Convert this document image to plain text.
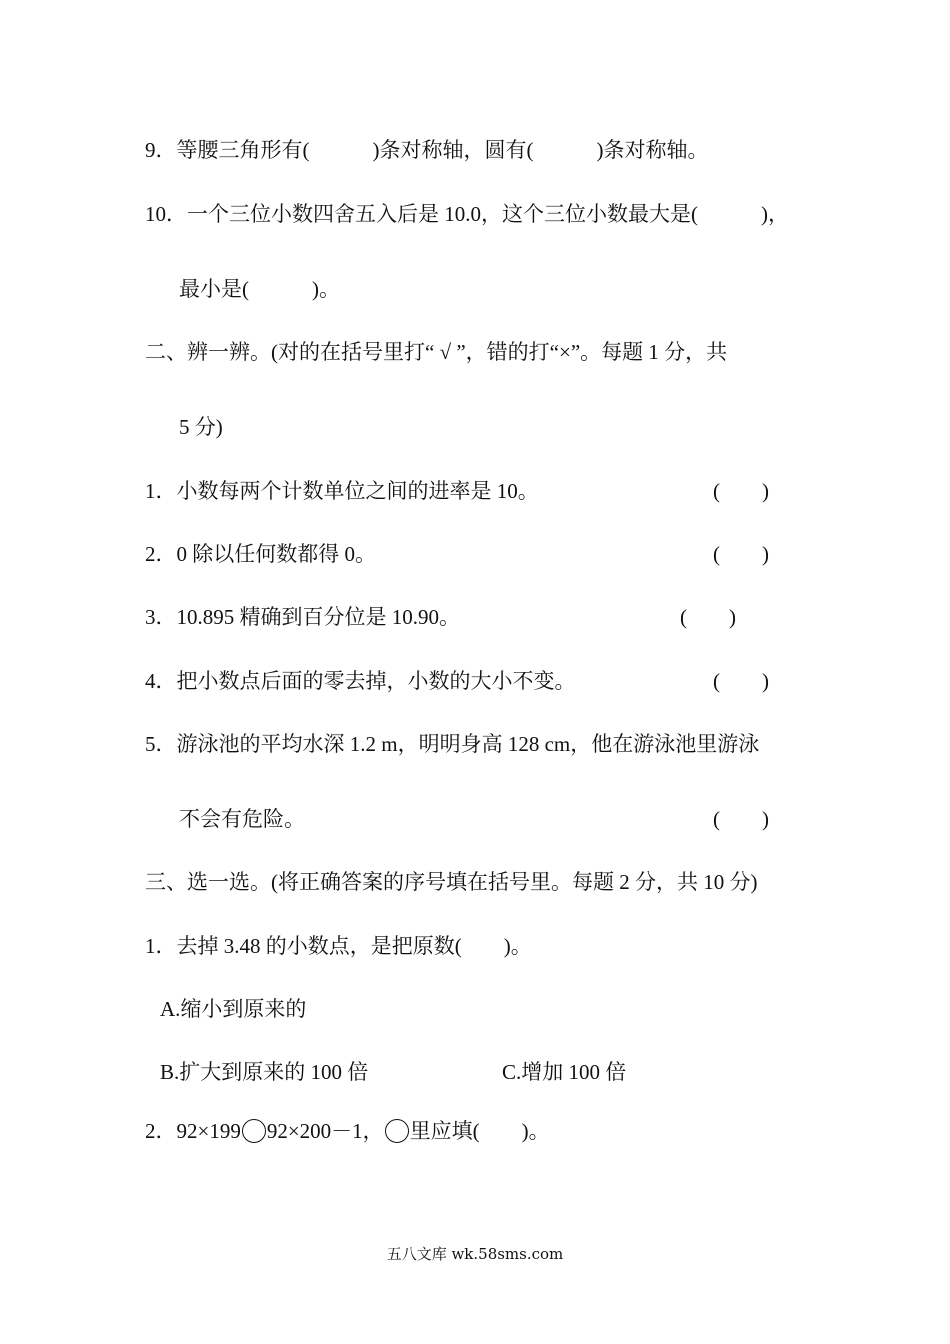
9．等腰三角形有(　　　)条对称轴，圆有(　　　)条对称轴。
10．一个三位小数四舍五入后是 10.0，这个三位小数最大是(　　　)，
最小是(　　　)。
二、辨一辨。(对的在括号里打“ √ ”，错的打“×”。每题 1 分，共
5 分)
1．小数每两个计数单位之间的进率是 10。	(　　)
2．0 除以任何数都得 0。	(　　)
3．10.895 精确到百分位是 10.90。	(　　)
4．把小数点后面的零去掉，小数的大小不变。	(　　)
5．游泳池的平均水深 1.2 m，明明身高 128 cm，他在游泳池里游泳
不会有危险。	(　　)
三、选一选。(将正确答案的序号填在括号里。每题 2 分，共 10 分)
1．去掉 3.48 的小数点，是把原数(　　)。
A.缩小到原来的
B.扩大到原来的 100 倍	C.增加 100 倍
2．92×199 92×200－1， 里应填(　　)。
五八文库 wk.58sms.com
